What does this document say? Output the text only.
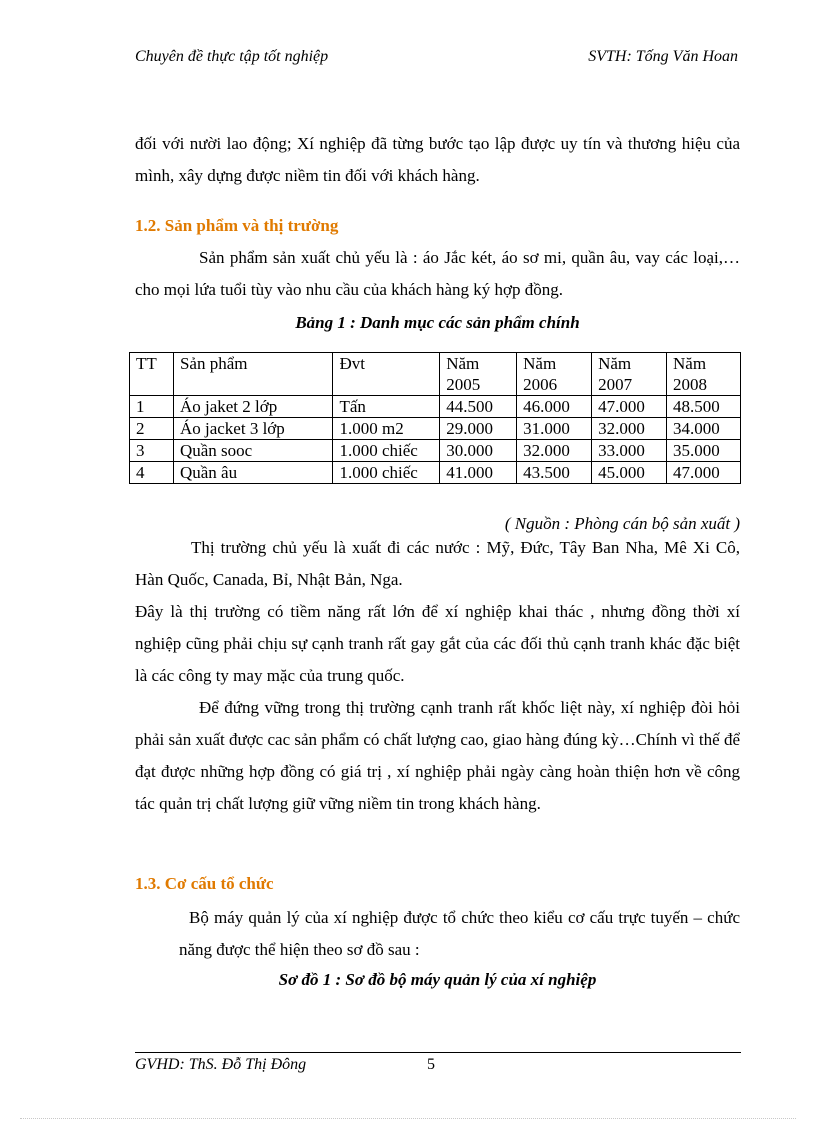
Chuyên đề thực tập tốt nghiệp	SVTH: Tống Văn Hoan

đối với nười lao động; Xí nghiệp đã từng bước tạo lập được uy tín và thương hiệu của mình, xây dựng được niềm tin đối với khách hàng.

1.2. Sản phẩm và thị trường

Sản phẩm sản xuất chủ yếu là : áo Jắc két, áo sơ mi, quần âu, vay các loại,…cho mọi lứa tuổi tùy vào nhu cầu của khách hàng ký hợp đồng.

Bảng 1 : Danh mục các sản phẩm chính

TT	Sản phẩm	Đvt	Năm 2005	Năm 2006	Năm 2007	Năm 2008
1	Áo jaket 2 lớp	Tấn	44.500	46.000	47.000	48.500
2	Áo jacket 3 lớp	1.000 m2	29.000	31.000	32.000	34.000
3	Quần sooc	1.000 chiếc	30.000	32.000	33.000	35.000
4	Quần âu	1.000 chiếc	41.000	43.500	45.000	47.000
( Nguồn : Phòng cán bộ sản xuất )

Thị trường chủ yếu là xuất đi các nước : Mỹ, Đức, Tây Ban Nha, Mê Xi Cô, Hàn Quốc, Canada, Bỉ, Nhật Bản, Nga.

Đây là thị trường có tiềm năng rất lớn để xí nghiệp khai thác , nhưng đồng thời xí nghiệp cũng phải chịu sự cạnh tranh rất gay gắt của các đối thủ cạnh tranh khác đặc biệt là các công ty may mặc của trung quốc.

Để đứng vững trong thị trường cạnh tranh rất khốc liệt này, xí nghiệp đòi hỏi phải sản xuất được cac sản phẩm có chất lượng cao, giao hàng đúng kỳ…Chính vì thế để đạt được những hợp đồng có giá trị , xí nghiệp phải ngày càng hoàn thiện hơn về công tác quản trị chất lượng giữ vững niềm tin trong khách hàng.

1.3. Cơ cấu tổ chức

Bộ máy quản lý của xí nghiệp được tổ chức theo kiểu cơ cấu trực tuyến – chức năng được thể hiện theo sơ đồ sau :

Sơ đồ 1 : Sơ đồ bộ máy quản lý của xí nghiệp

GVHD: ThS. Đỗ Thị Đông	5
